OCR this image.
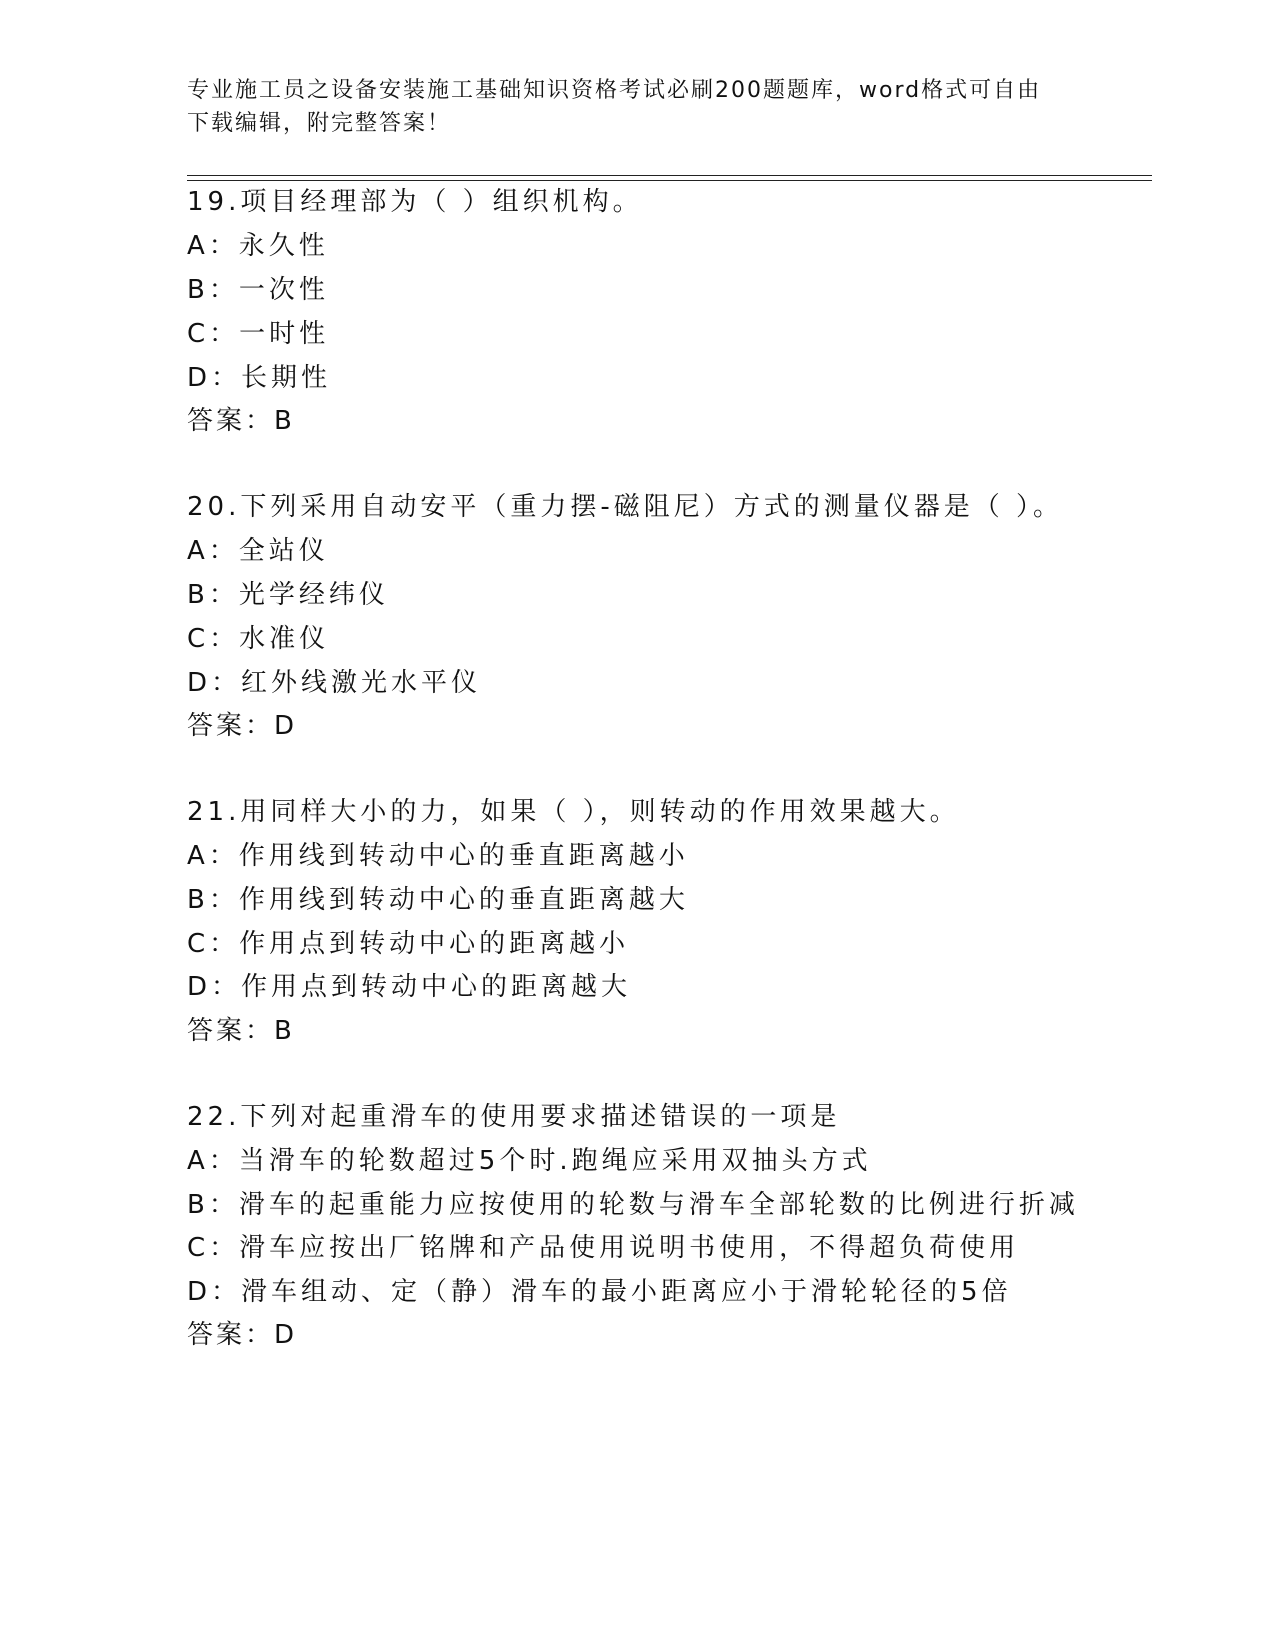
专业施工员之设备安装施工基础知识资格考试必刷200题题库，word格式可自由
下载编辑，附完整答案！
19.项目经理部为（ ）组织机构。
A：永久性
B：一次性
C：一时性
D：长期性
答案：B
20.下列采用自动安平（重力摆-磁阻尼）方式的测量仪器是（ ）。
A：全站仪
B：光学经纬仪
C：水准仪
D：红外线激光水平仪
答案：D
21.用同样大小的力，如果（ ），则转动的作用效果越大。
A：作用线到转动中心的垂直距离越小
B：作用线到转动中心的垂直距离越大
C：作用点到转动中心的距离越小
D：作用点到转动中心的距离越大
答案：B
22.下列对起重滑车的使用要求描述错误的一项是
A：当滑车的轮数超过5个时.跑绳应采用双抽头方式
B：滑车的起重能力应按使用的轮数与滑车全部轮数的比例进行折减
C：滑车应按出厂铭牌和产品使用说明书使用，不得超负荷使用
D：滑车组动、定（静）滑车的最小距离应小于滑轮轮径的5倍
答案：D
